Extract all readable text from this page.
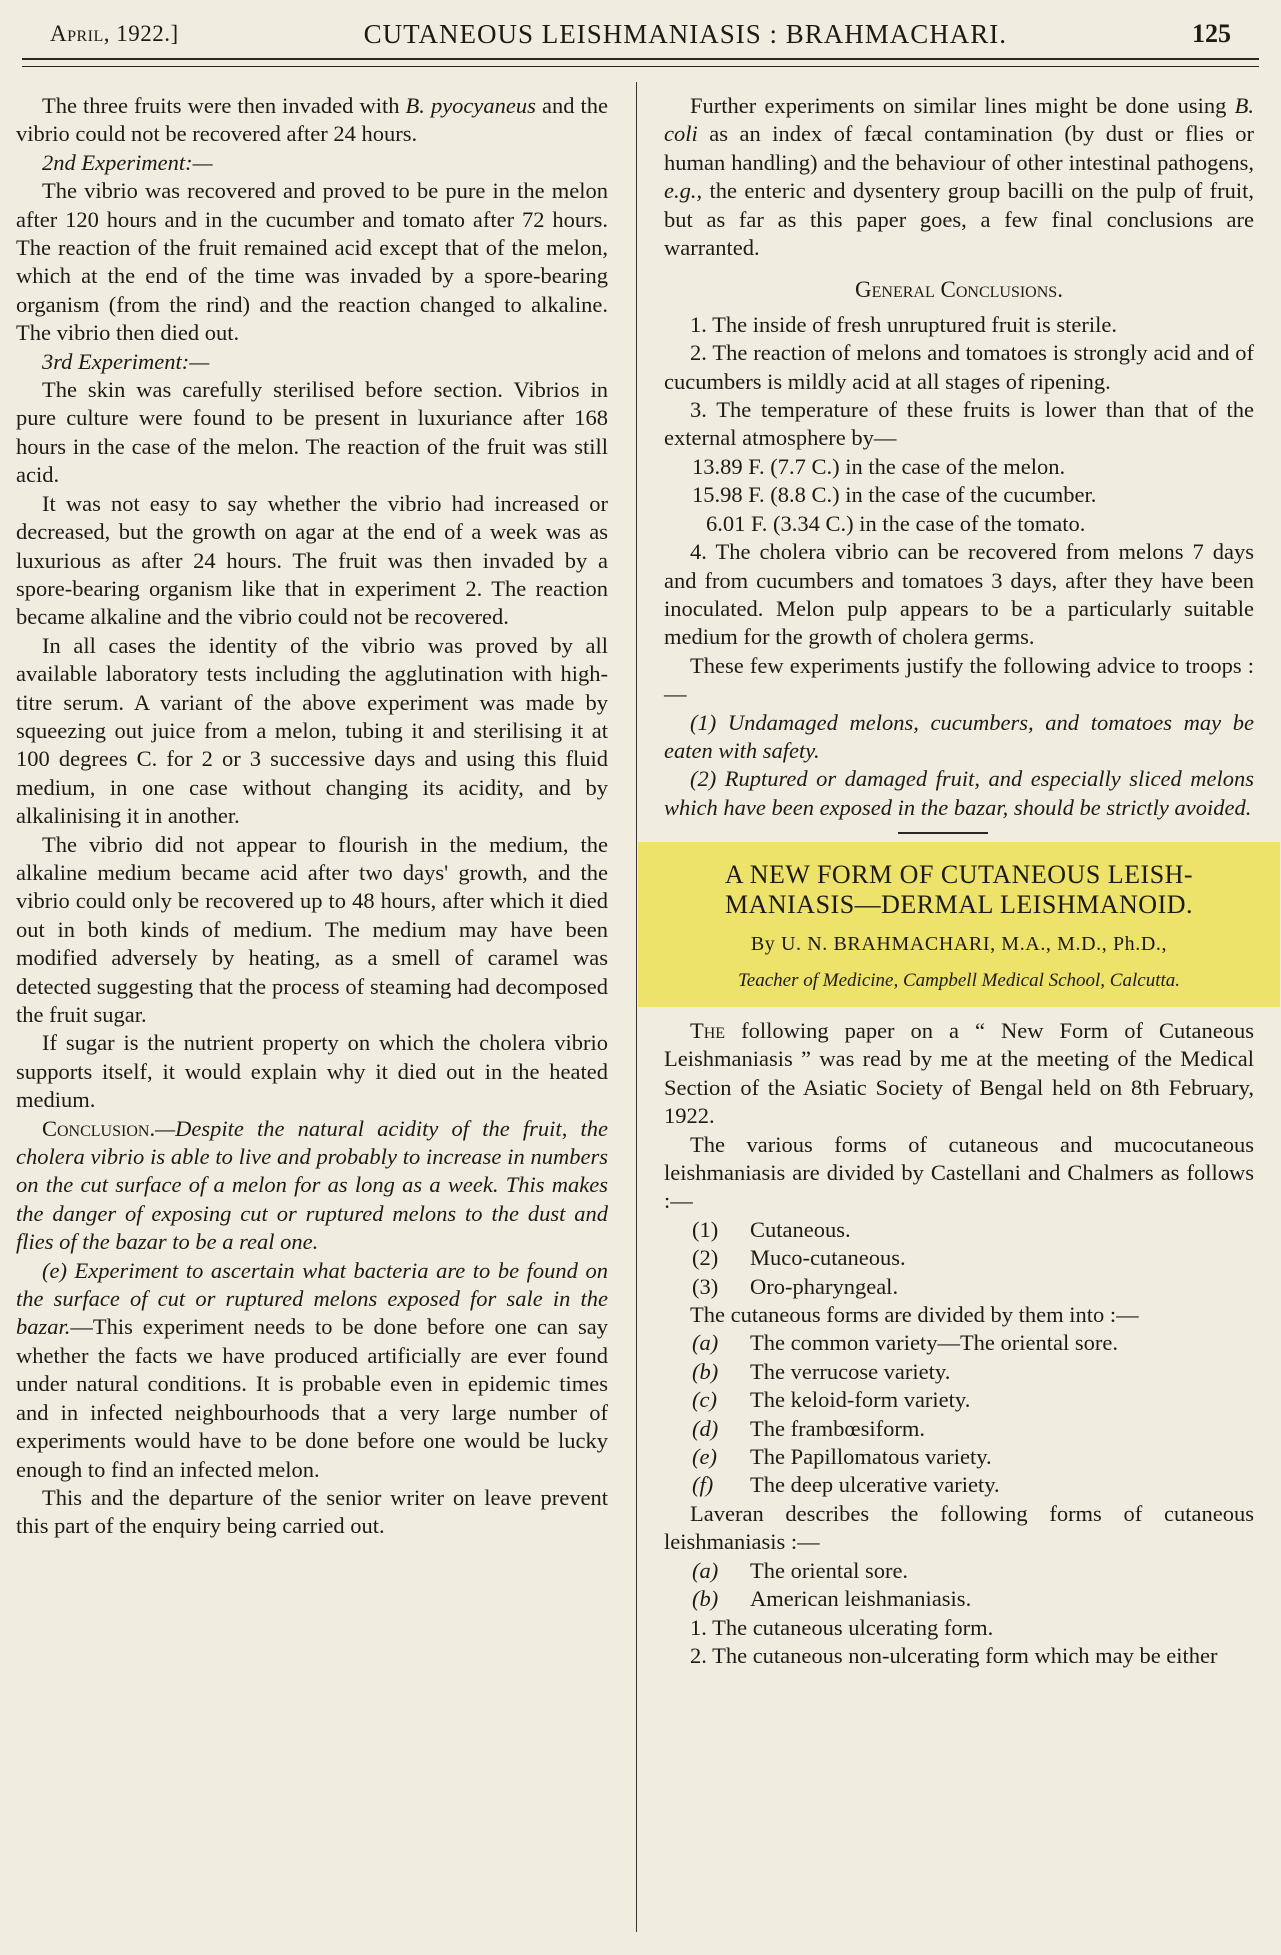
April, 1922.]	CUTANEOUS LEISHMANIASIS : BRAHMACHARI.	125

The three fruits were then invaded with B. pyocyaneus and the vibrio could not be recovered after 24 hours.

2nd Experiment:—

The vibrio was recovered and proved to be pure in the melon after 120 hours and in the cucumber and tomato after 72 hours. The reaction of the fruit remained acid except that of the melon, which at the end of the time was invaded by a spore-bearing organism (from the rind) and the reaction changed to alkaline. The vibrio then died out.

3rd Experiment:—

The skin was carefully sterilised before section. Vibrios in pure culture were found to be present in luxuriance after 168 hours in the case of the melon. The reaction of the fruit was still acid.

It was not easy to say whether the vibrio had increased or decreased, but the growth on agar at the end of a week was as luxurious as after 24 hours. The fruit was then invaded by a spore-bearing organism like that in experiment 2. The reaction became alkaline and the vibrio could not be recovered.

In all cases the identity of the vibrio was proved by all available laboratory tests including the agglutination with high-titre serum. A variant of the above experiment was made by squeezing out juice from a melon, tubing it and sterilising it at 100 degrees C. for 2 or 3 successive days and using this fluid medium, in one case without changing its acidity, and by alkalinising it in another.

The vibrio did not appear to flourish in the medium, the alkaline medium became acid after two days' growth, and the vibrio could only be recovered up to 48 hours, after which it died out in both kinds of medium. The medium may have been modified adversely by heating, as a smell of caramel was detected suggesting that the process of steaming had decomposed the fruit sugar.

If sugar is the nutrient property on which the cholera vibrio supports itself, it would explain why it died out in the heated medium.

Conclusion.—Despite the natural acidity of the fruit, the cholera vibrio is able to live and probably to increase in numbers on the cut surface of a melon for as long as a week. This makes the danger of exposing cut or ruptured melons to the dust and flies of the bazar to be a real one.

(e) Experiment to ascertain what bacteria are to be found on the surface of cut or ruptured melons exposed for sale in the bazar.—This experiment needs to be done before one can say whether the facts we have produced artificially are ever found under natural conditions. It is probable even in epidemic times and in infected neighbourhoods that a very large number of experiments would have to be done before one would be lucky enough to find an infected melon.

This and the departure of the senior writer on leave prevent this part of the enquiry being carried out.

Further experiments on similar lines might be done using B. coli as an index of fæcal contamination (by dust or flies or human handling) and the behaviour of other intestinal pathogens, e.g., the enteric and dysentery group bacilli on the pulp of fruit, but as far as this paper goes, a few final conclusions are warranted.

General Conclusions.

1. The inside of fresh unruptured fruit is sterile.

2. The reaction of melons and tomatoes is strongly acid and of cucumbers is mildly acid at all stages of ripening.

3. The temperature of these fruits is lower than that of the external atmosphere by—

13.89 F. (7.7 C.) in the case of the melon.

15.98 F. (8.8 C.) in the case of the cucumber.

6.01 F. (3.34 C.) in the case of the tomato.

4. The cholera vibrio can be recovered from melons 7 days and from cucumbers and tomatoes 3 days, after they have been inoculated. Melon pulp appears to be a particularly suitable medium for the growth of cholera germs.

These few experiments justify the following advice to troops :—

(1) Undamaged melons, cucumbers, and tomatoes may be eaten with safety.

(2) Ruptured or damaged fruit, and especially sliced melons which have been exposed in the bazar, should be strictly avoided.

A NEW FORM OF CUTANEOUS LEISH-

MANIASIS—DERMAL LEISHMANOID.

By U. N. BRAHMACHARI, M.A., M.D., Ph.D.,

Teacher of Medicine, Campbell Medical School, Calcutta.

The following paper on a “ New Form of Cutaneous Leishmaniasis ” was read by me at the meeting of the Medical Section of the Asiatic Society of Bengal held on 8th February, 1922.

The various forms of cutaneous and mucocutaneous leishmaniasis are divided by Castellani and Chalmers as follows :—

(1) Cutaneous.

(2) Muco-cutaneous.

(3) Oro-pharyngeal.

The cutaneous forms are divided by them into :—

(a) The common variety—The oriental sore.

(b) The verrucose variety.

(c) The keloid-form variety.

(d) The frambœsiform.

(e) The Papillomatous variety.

(f) The deep ulcerative variety.

Laveran describes the following forms of cutaneous leishmaniasis :—

(a) The oriental sore.

(b) American leishmaniasis.

1. The cutaneous ulcerating form.

2. The cutaneous non-ulcerating form which may be either
